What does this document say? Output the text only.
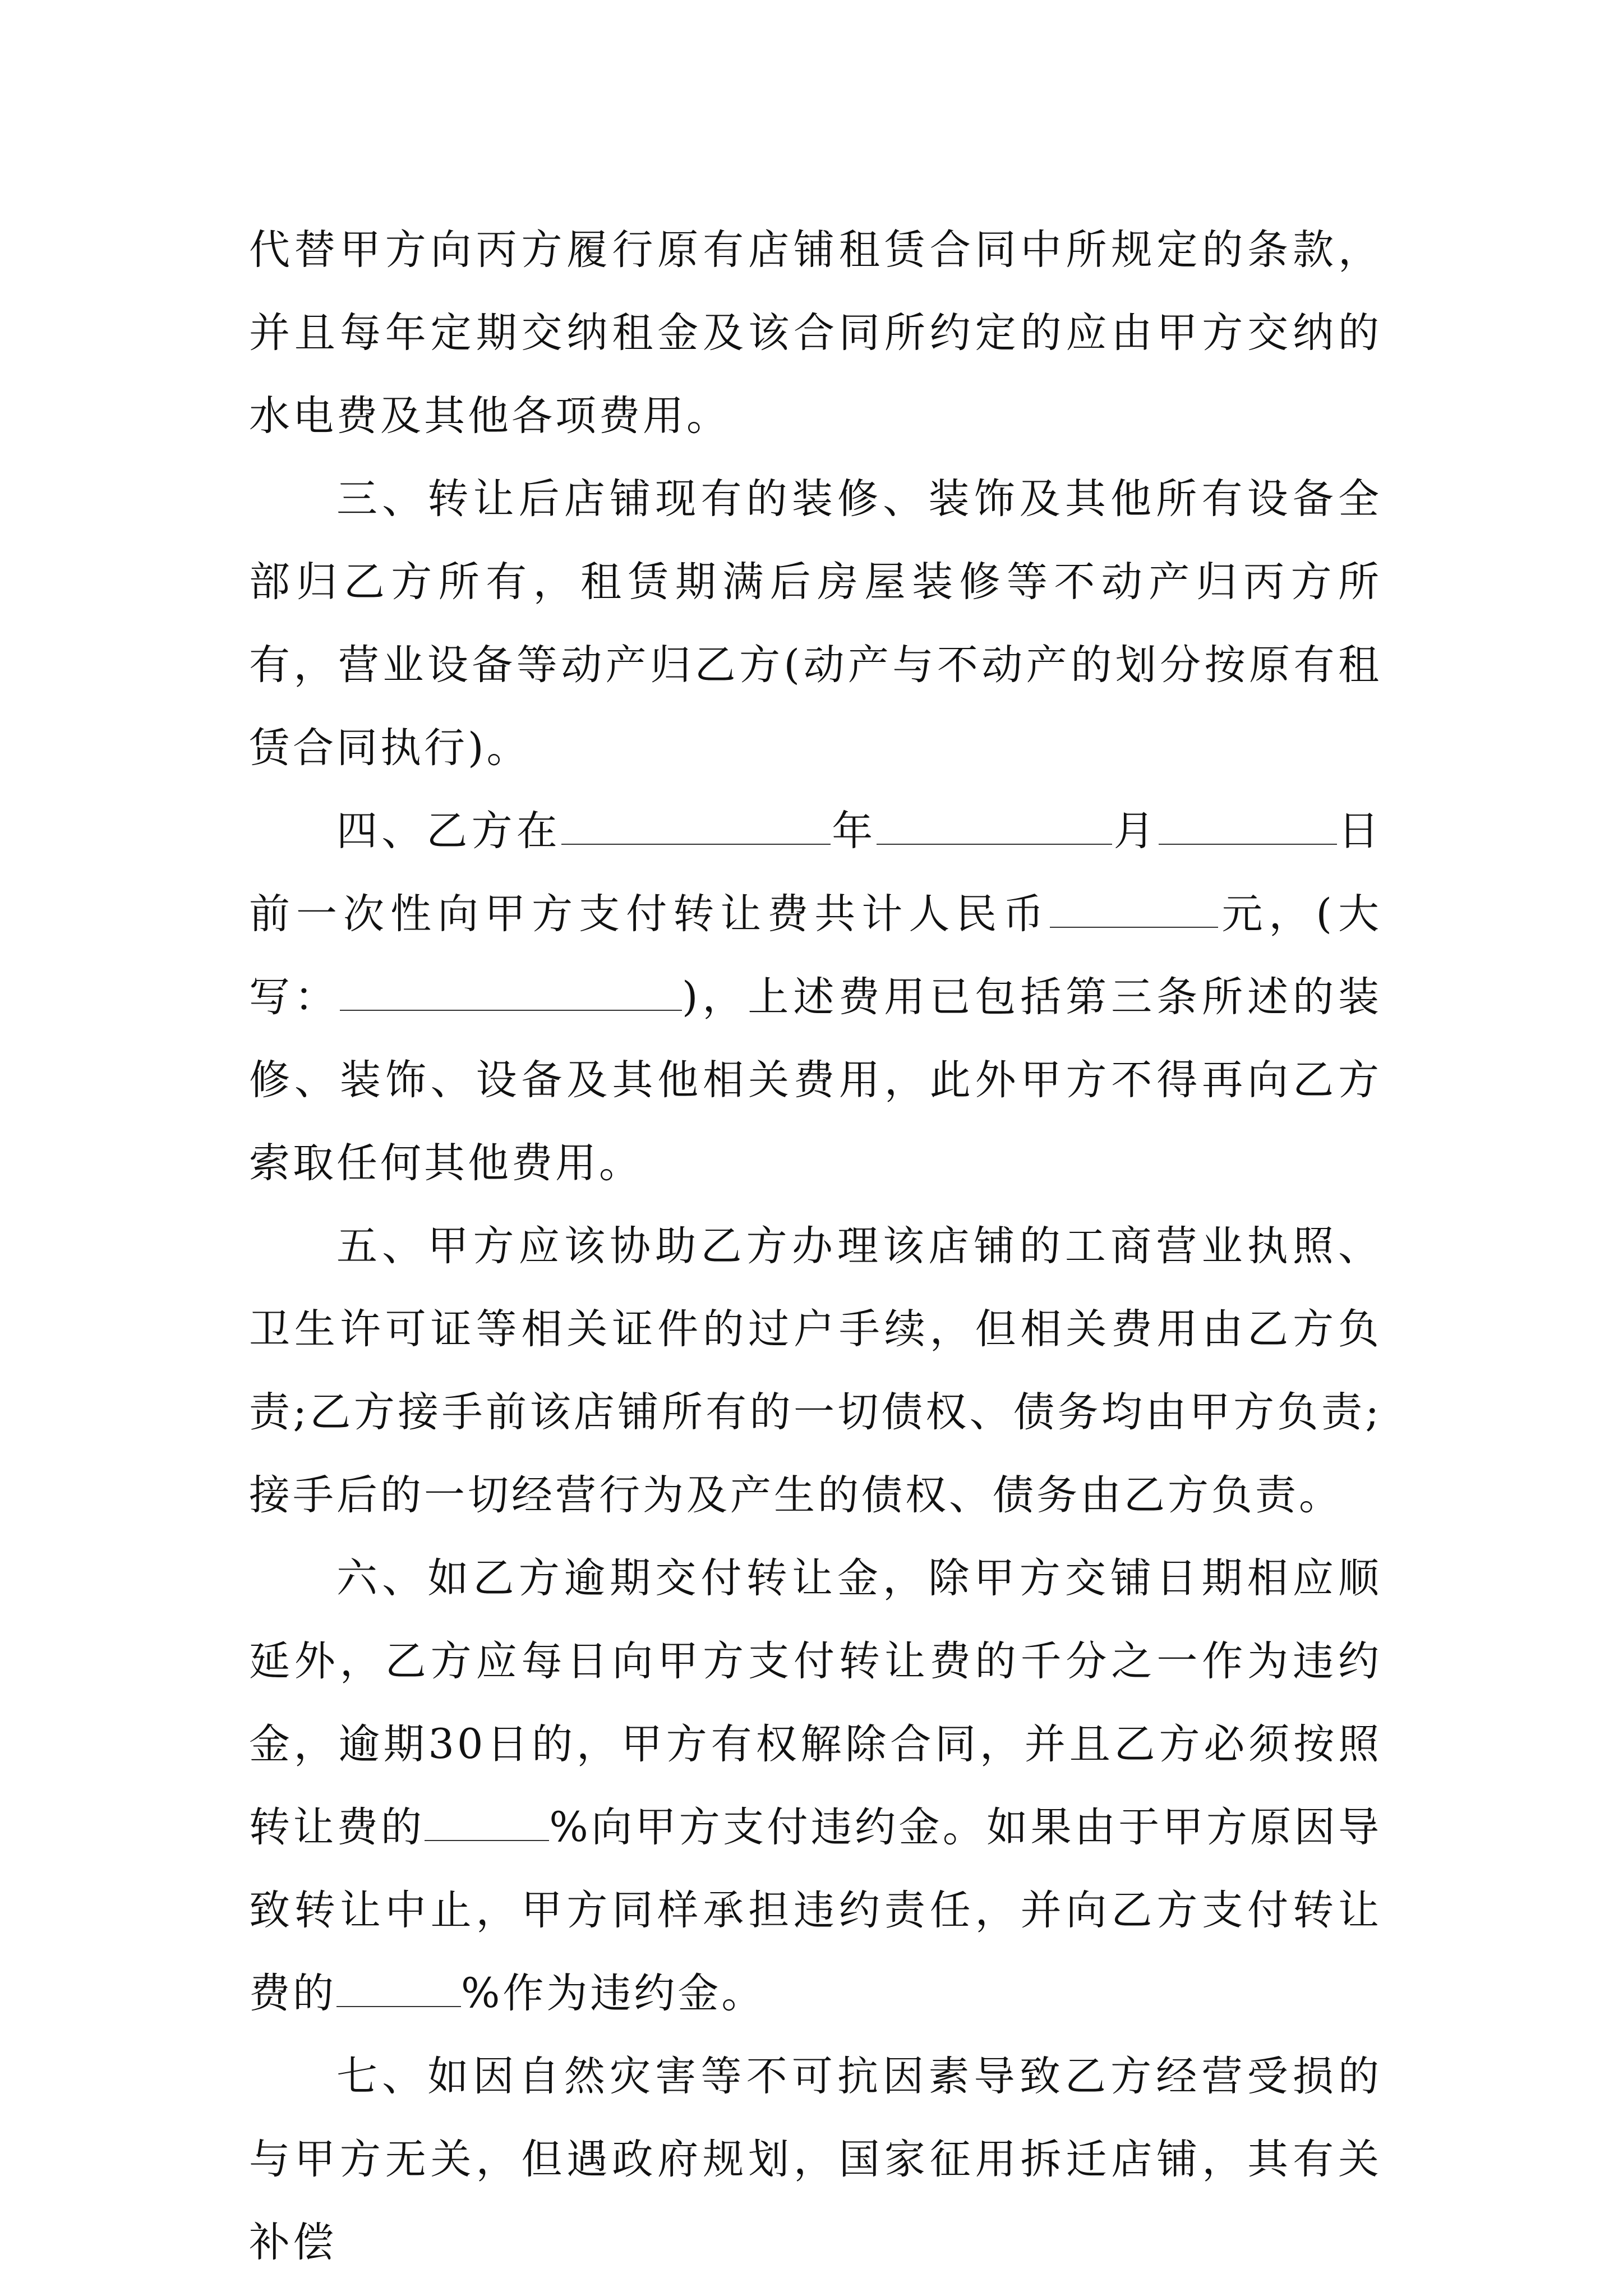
代替甲方向丙方履行原有店铺租赁合同中所规定的条款，并且每年定期交纳租金及该合同所约定的应由甲方交纳的水电费及其他各项费用。

三、转让后店铺现有的装修、装饰及其他所有设备全部归乙方所有，租赁期满后房屋装修等不动产归丙方所有，营业设备等动产归乙方(动产与不动产的划分按原有租赁合同执行)。

四、乙方在	年	月	日前一次性向甲方支付转让费共计人民币	元，(大写：	)，上述费用已包括第三条所述的装修、装饰、设备及其他相关费用，此外甲方不得再向乙方索取任何其他费用。

五、甲方应该协助乙方办理该店铺的工商营业执照、卫生许可证等相关证件的过户手续，但相关费用由乙方负责;乙方接手前该店铺所有的一切债权、债务均由甲方负责;接手后的一切经营行为及产生的债权、债务由乙方负责。

六、如乙方逾期交付转让金，除甲方交铺日期相应顺延外，乙方应每日向甲方支付转让费的千分之一作为违约金，逾期30日的，甲方有权解除合同，并且乙方必须按照转让费的	%向甲方支付违约金。如果由于甲方原因导致转让中止，甲方同样承担违约责任，并向乙方支付转让费的	%作为违约金。

七、如因自然灾害等不可抗因素导致乙方经营受损的与甲方无关，但遇政府规划，国家征用拆迁店铺，其有关补偿
